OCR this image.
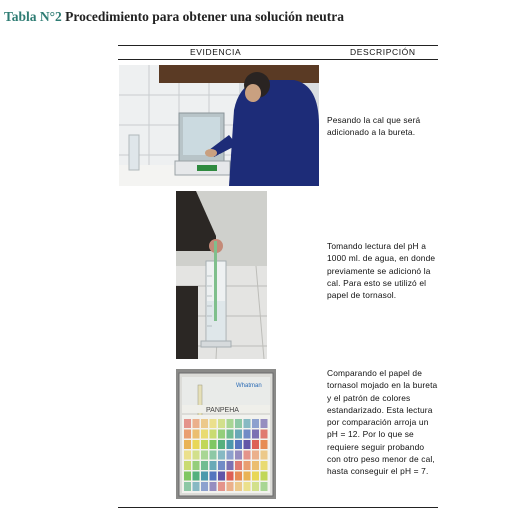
Tabla N°2 Procedimiento para obtener una solución neutra
EVIDENCIA	DESCRIPCIÓN
Pesando la cal que será adicionado a la bureta.
Tomando lectura del pH a 1000 ml. de agua, en donde previamente se adicionó la cal. Para esto se utilizó el papel de tornasol.
Whatman
PANPEHA
Comparando el papel de tornasol mojado en la bureta y el patrón de colores estandarizado. Esta lectura por comparación arroja un pH = 12. Por lo que se requiere seguir probando con otro peso menor de cal, hasta conseguir el pH = 7.
